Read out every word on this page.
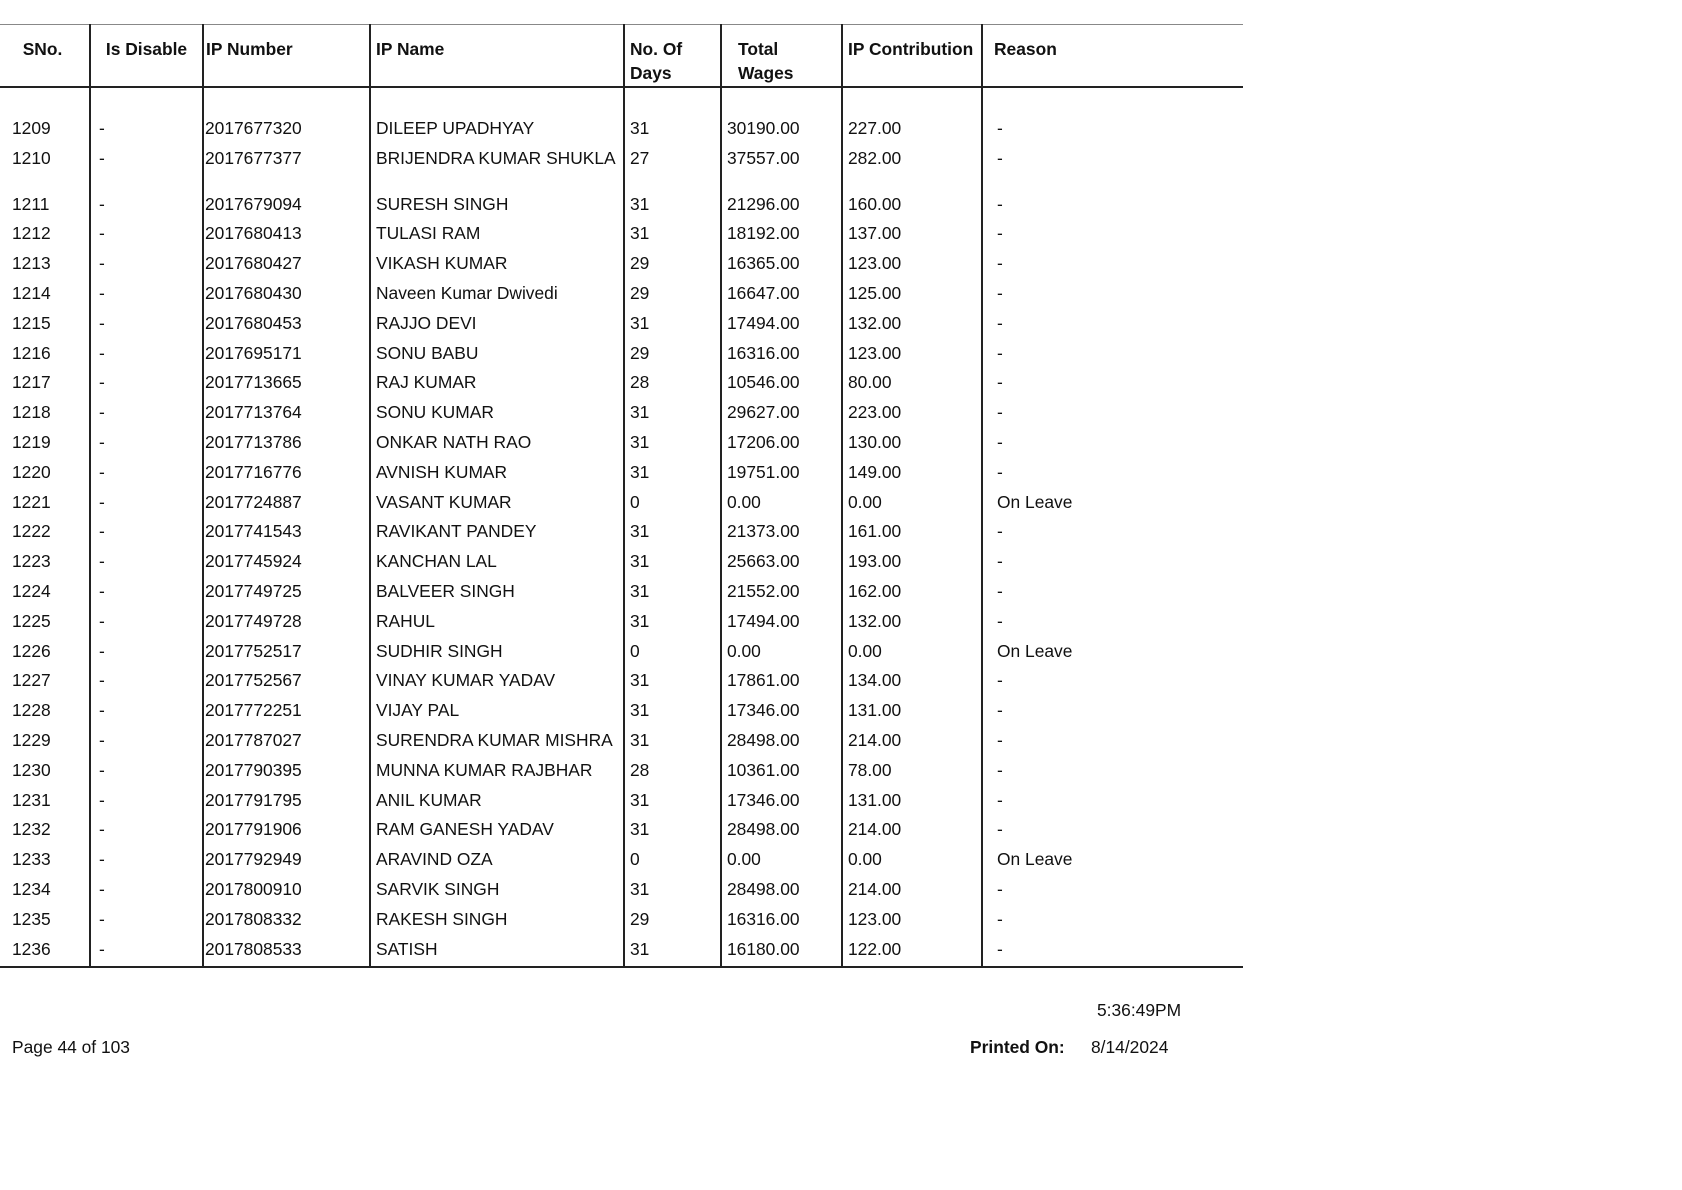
SNo.	Is Disable	IP Number	IP Name	No. Of Days	Total Wages	IP Contribution	Reason

1209	-	2017677320	DILEEP UPADHYAY	31	30190.00	227.00	-
1210	-	2017677377	BRIJENDRA KUMAR SHUKLA	27	37557.00	282.00	-
1211	-	2017679094	SURESH SINGH	31	21296.00	160.00	-
1212	-	2017680413	TULASI RAM	31	18192.00	137.00	-
1213	-	2017680427	VIKASH KUMAR	29	16365.00	123.00	-
1214	-	2017680430	Naveen Kumar Dwivedi	29	16647.00	125.00	-
1215	-	2017680453	RAJJO DEVI	31	17494.00	132.00	-
1216	-	2017695171	SONU BABU	29	16316.00	123.00	-
1217	-	2017713665	RAJ KUMAR	28	10546.00	80.00	-
1218	-	2017713764	SONU KUMAR	31	29627.00	223.00	-
1219	-	2017713786	ONKAR NATH RAO	31	17206.00	130.00	-
1220	-	2017716776	AVNISH KUMAR	31	19751.00	149.00	-
1221	-	2017724887	VASANT KUMAR	0	0.00	0.00	On Leave
1222	-	2017741543	RAVIKANT PANDEY	31	21373.00	161.00	-
1223	-	2017745924	KANCHAN LAL	31	25663.00	193.00	-
1224	-	2017749725	BALVEER SINGH	31	21552.00	162.00	-
1225	-	2017749728	RAHUL	31	17494.00	132.00	-
1226	-	2017752517	SUDHIR SINGH	0	0.00	0.00	On Leave
1227	-	2017752567	VINAY KUMAR YADAV	31	17861.00	134.00	-
1228	-	2017772251	VIJAY PAL	31	17346.00	131.00	-
1229	-	2017787027	SURENDRA KUMAR MISHRA	31	28498.00	214.00	-
1230	-	2017790395	MUNNA KUMAR RAJBHAR	28	10361.00	78.00	-
1231	-	2017791795	ANIL KUMAR	31	17346.00	131.00	-
1232	-	2017791906	RAM GANESH YADAV	31	28498.00	214.00	-
1233	-	2017792949	ARAVIND OZA	0	0.00	0.00	On Leave
1234	-	2017800910	SARVIK SINGH	31	28498.00	214.00	-
1235	-	2017808332	RAKESH SINGH	29	16316.00	123.00	-
1236	-	2017808533	SATISH	31	16180.00	122.00	-
5:36:49PM
Page 44 of 103	Printed On: 8/14/2024
